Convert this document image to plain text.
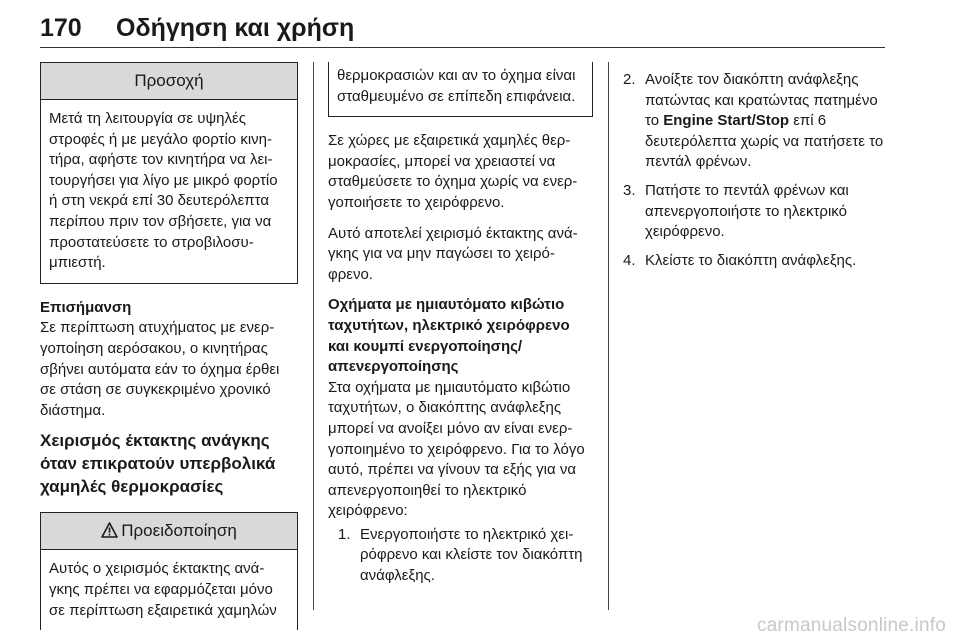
170 Οδήγηση και χρήση
Προσοχή

Μετά τη λειτουργία σε υψηλές στροφές ή με μεγάλο φορτίο κινητήρα, αφήστε τον κινητήρα να λειτουργήσει για λίγο με μικρό φορτίο ή στη νεκρά επί 30 δευτερόλεπτα περίπου πριν τον σβήσετε, για να προστατεύσετε το στροβιλοσυμπιεστή.

Επισήμανση

Σε περίπτωση ατυχήματος με ενεργοποίηση αερόσακου, ο κινητήρας σβήνει αυτόματα εάν το όχημα έρθει σε στάση σε συγκεκριμένο χρονικό διάστημα.

Χειρισμός έκτακτης ανάγκης όταν επικρατούν υπερβολικά χαμηλές θερμοκρασίες
Προειδοποίηση

Αυτός ο χειρισμός έκτακτης ανάγκης πρέπει να εφαρμόζεται μόνο σε περίπτωση εξαιρετικά χαμηλών

θερμοκρασιών και αν το όχημα είναι σταθμευμένο σε επίπεδη επιφάνεια.

Σε χώρες με εξαιρετικά χαμηλές θερμοκρασίες, μπορεί να χρειαστεί να σταθμεύσετε το όχημα χωρίς να ενεργοποιήσετε το χειρόφρενο.

Αυτό αποτελεί χειρισμό έκτακτης ανάγκης για να μην παγώσει το χειρόφρενο.

Οχήματα με ημιαυτόματο κιβώτιο ταχυτήτων, ηλεκτρικό χειρόφρενο και κουμπί ενεργοποίησης/ απενεργοποίησης

Στα οχήματα με ημιαυτόματο κιβώτιο ταχυτήτων, ο διακόπτης ανάφλεξης μπορεί να ανοίξει μόνο αν είναι ενεργοποιημένο το χειρόφρενο. Για το λόγο αυτό, πρέπει να γίνουν τα εξής για να απενεργοποιηθεί το ηλεκτρικό χειρόφρενο:

1. Ενεργοποιήστε το ηλεκτρικό χειρόφρενο και κλείστε τον διακόπτη ανάφλεξης.
2. Ανοίξτε τον διακόπτη ανάφλεξης πατώντας και κρατώντας πατημένο το Engine Start/Stop επί 6 δευτερόλεπτα χωρίς να πατήσετε το πεντάλ φρένων.
3. Πατήστε το πεντάλ φρένων και απενεργοποιήστε το ηλεκτρικό χειρόφρενο.
4. Κλείστε το διακόπτη ανάφλεξης.
carmanualsonline.info
